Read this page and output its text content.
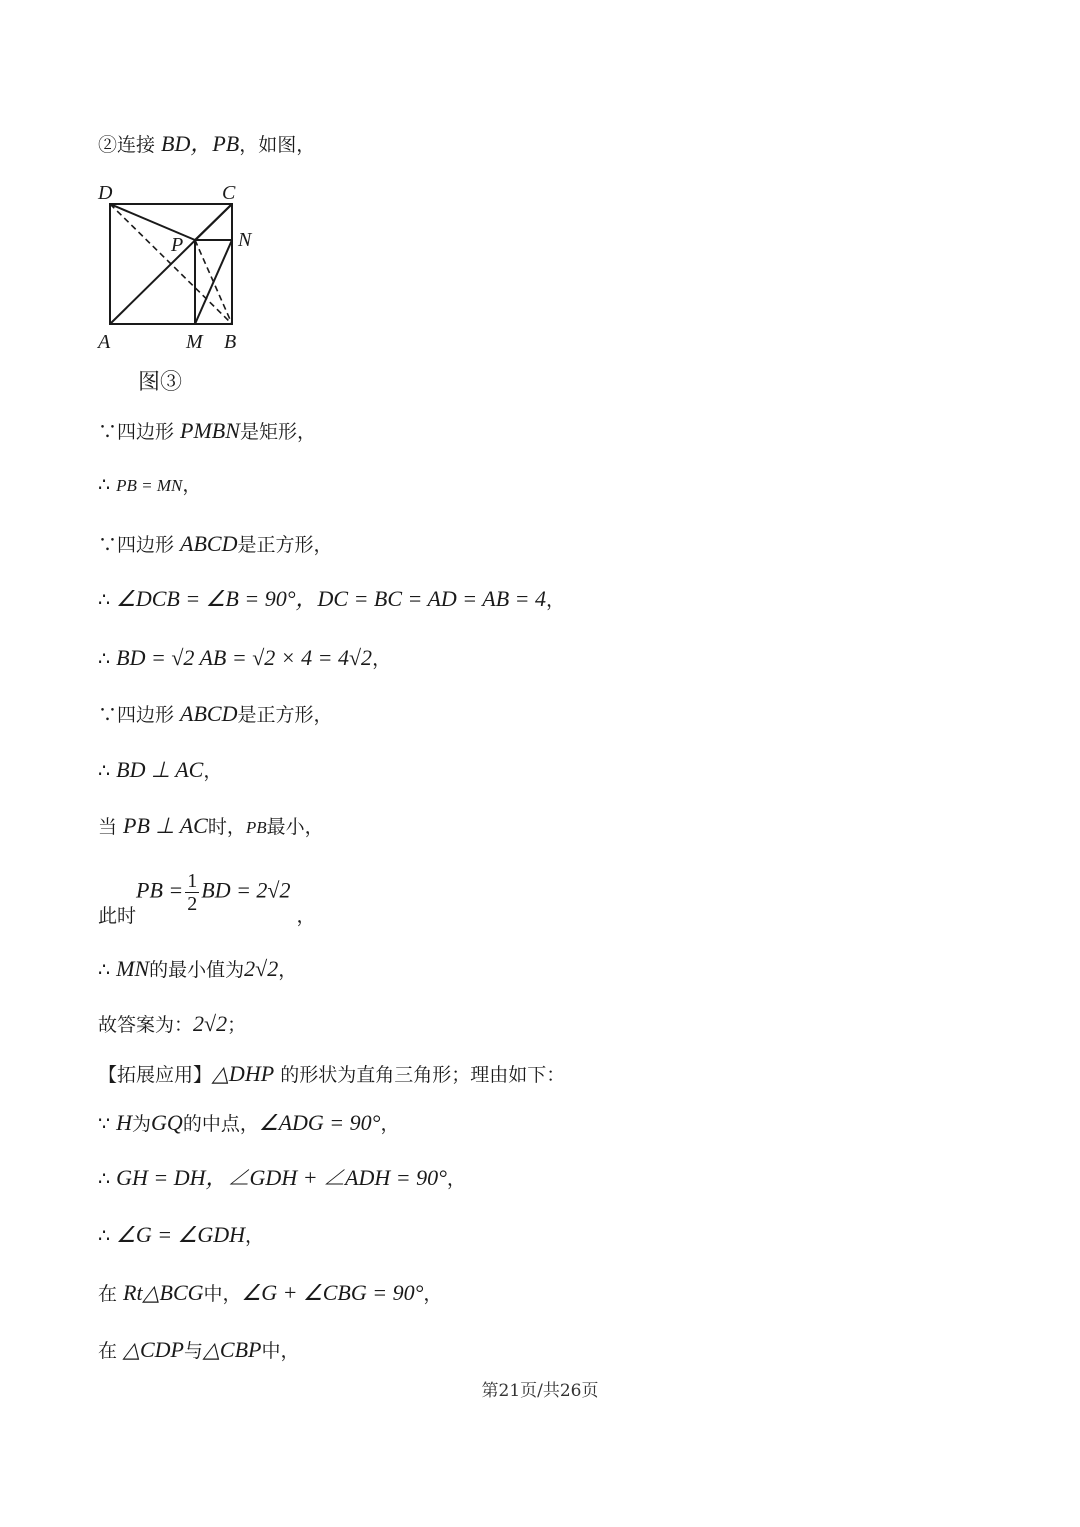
②连接 BD，PB，如图，
D	C
P	N
A	M B
图③
∵四边形 PMBN是矩形，
∴ PB = MN，
∵四边形 ABCD是正方形，
∴ ∠DCB = ∠B = 90°，DC = BC = AD = AB = 4，
∴ BD = √2 AB = √2 × 4 = 4√2，
∵四边形 ABCD是正方形，
∴ BD ⊥ AC，
当 PB ⊥ AC时，PB最小，
此时PB = $\frac{1}{2}$ BD = 2√2，
∴ MN的最小值为2√2，
故答案为：2√2；
【拓展应用】△DHP 的形状为直角三角形；理由如下：
∵ H为GQ的中点，∠ADG = 90°，
∴ GH = DH，∠GDH + ∠ADH = 90°，
∴ ∠G = ∠GDH，
在 Rt△BCG中，∠G + ∠CBG = 90°，
在 △CDP与△CBP中，
第21页/共26页
